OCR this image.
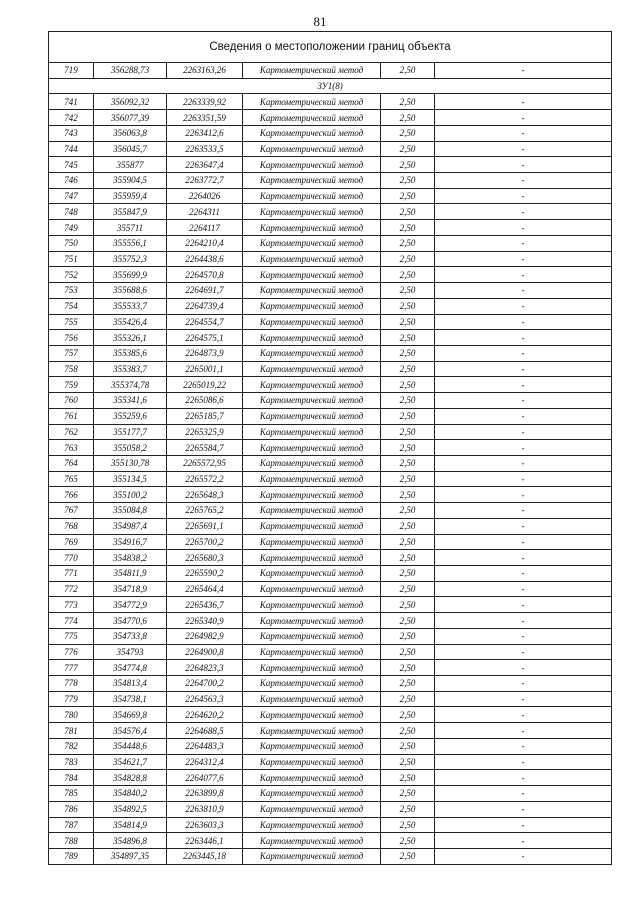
81
Сведения о местоположении границ объекта					
719	356288,73	2263163,26	Картометрический метод	2,50	-
ЗУ1(8)					
741	356092,32	2263339,92	Картометрический метод	2,50	-
742	356077,39	2263351,59	Картометрический метод	2,50	-
743	356063,8	2263412,6	Картометрический метод	2,50	-
744	356045,7	2263533,5	Картометрический метод	2,50	-
745	355877	2263647,4	Картометрический метод	2,50	-
746	355904,5	2263772,7	Картометрический метод	2,50	-
747	355959,4	2264026	Картометрический метод	2,50	-
748	355847,9	2264311	Картометрический метод	2,50	-
749	355711	2264117	Картометрический метод	2,50	-
750	355556,1	2264210,4	Картометрический метод	2,50	-
751	355752,3	2264438,6	Картометрический метод	2,50	-
752	355699,9	2264570,8	Картометрический метод	2,50	-
753	355688,6	2264691,7	Картометрический метод	2,50	-
754	355533,7	2264739,4	Картометрический метод	2,50	-
755	355426,4	2264554,7	Картометрический метод	2,50	-
756	355326,1	2264575,1	Картометрический метод	2,50	-
757	355385,6	2264873,9	Картометрический метод	2,50	-
758	355383,7	2265001,1	Картометрический метод	2,50	-
759	355374,78	2265019,22	Картометрический метод	2,50	-
760	355341,6	2265086,6	Картометрический метод	2,50	-
761	355259,6	2265185,7	Картометрический метод	2,50	-
762	355177,7	2265325,9	Картометрический метод	2,50	-
763	355058,2	2265584,7	Картометрический метод	2,50	-
764	355130,78	2265572,95	Картометрический метод	2,50	-
765	355134,5	2265572,2	Картометрический метод	2,50	-
766	355100,2	2265648,3	Картометрический метод	2,50	-
767	355084,8	2265765,2	Картометрический метод	2,50	-
768	354987,4	2265691,1	Картометрический метод	2,50	-
769	354916,7	2265700,2	Картометрический метод	2,50	-
770	354838,2	2265680,3	Картометрический метод	2,50	-
771	354811,9	2265590,2	Картометрический метод	2,50	-
772	354718,9	2265464,4	Картометрический метод	2,50	-
773	354772,9	2265436,7	Картометрический метод	2,50	-
774	354770,6	2265340,9	Картометрический метод	2,50	-
775	354733,8	2264982,9	Картометрический метод	2,50	-
776	354793	2264900,8	Картометрический метод	2,50	-
777	354774,8	2264823,3	Картометрический метод	2,50	-
778	354813,4	2264700,2	Картометрический метод	2,50	-
779	354738,1	2264563,3	Картометрический метод	2,50	-
780	354669,8	2264620,2	Картометрический метод	2,50	-
781	354576,4	2264688,5	Картометрический метод	2,50	-
782	354448,6	2264483,3	Картометрический метод	2,50	-
783	354621,7	2264312,4	Картометрический метод	2,50	-
784	354828,8	2264077,6	Картометрический метод	2,50	-
785	354840,2	2263899,8	Картометрический метод	2,50	-
786	354892,5	2263810,9	Картометрический метод	2,50	-
787	354814,9	2263603,3	Картометрический метод	2,50	-
788	354896,8	2263446,1	Картометрический метод	2,50	-
789	354897,35	2263445,18	Картометрический метод	2,50	-
